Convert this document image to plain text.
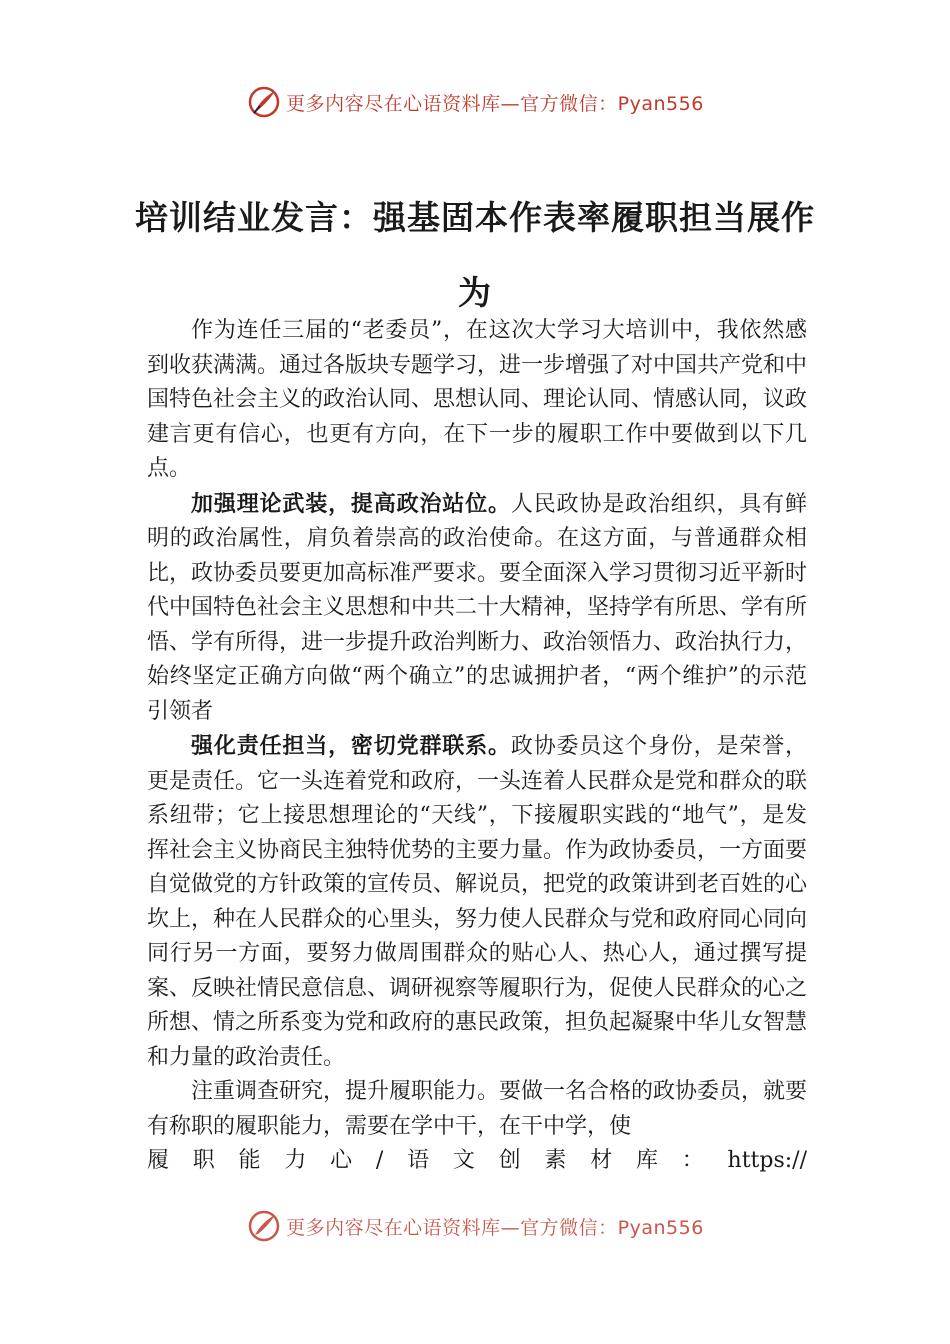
更多内容尽在心语资料库—官方微信：Pyan556
培训结业发言：强基固本作表率履职担当展作为

作为连任三届的“老委员”，在这次大学习大培训中，我依然感到收获满满。通过各版块专题学习，进一步增强了对中国共产党和中国特色社会主义的政治认同、思想认同、理论认同、情感认同，议政建言更有信心，也更有方向，在下一步的履职工作中要做到以下几点。

加强理论武装，提高政治站位。人民政协是政治组织，具有鲜明的政治属性，肩负着崇高的政治使命。在这方面，与普通群众相比，政协委员要更加高标准严要求。要全面深入学习贯彻习近平新时代中国特色社会主义思想和中共二十大精神，坚持学有所思、学有所悟、学有所得，进一步提升政治判断力、政治领悟力、政治执行力，始终坚定正确方向做“两个确立”的忠诚拥护者，“两个维护”的示范引领者

强化责任担当，密切党群联系。政协委员这个身份，是荣誉，更是责任。它一头连着党和政府，一头连着人民群众是党和群众的联系纽带；它上接思想理论的“天线”，下接履职实践的“地气”，是发挥社会主义协商民主独特优势的主要力量。作为政协委员，一方面要自觉做党的方针政策的宣传员、解说员，把党的政策讲到老百姓的心坎上，种在人民群众的心里头，努力使人民群众与党和政府同心同向同行另一方面，要努力做周围群众的贴心人、热心人，通过撰写提案、反映社情民意信息、调研视察等履职行为，促使人民群众的心之所想、情之所系变为党和政府的惠民政策，担负起凝聚中华儿女智慧和力量的政治责任。

注重调查研究，提升履职能力。要做一名合格的政协委员，就要有称职的履职能力，需要在学中干，在干中学，使

履职能力心/语文创素材库：https://

更多内容尽在心语资料库—官方微信：Pyan556
